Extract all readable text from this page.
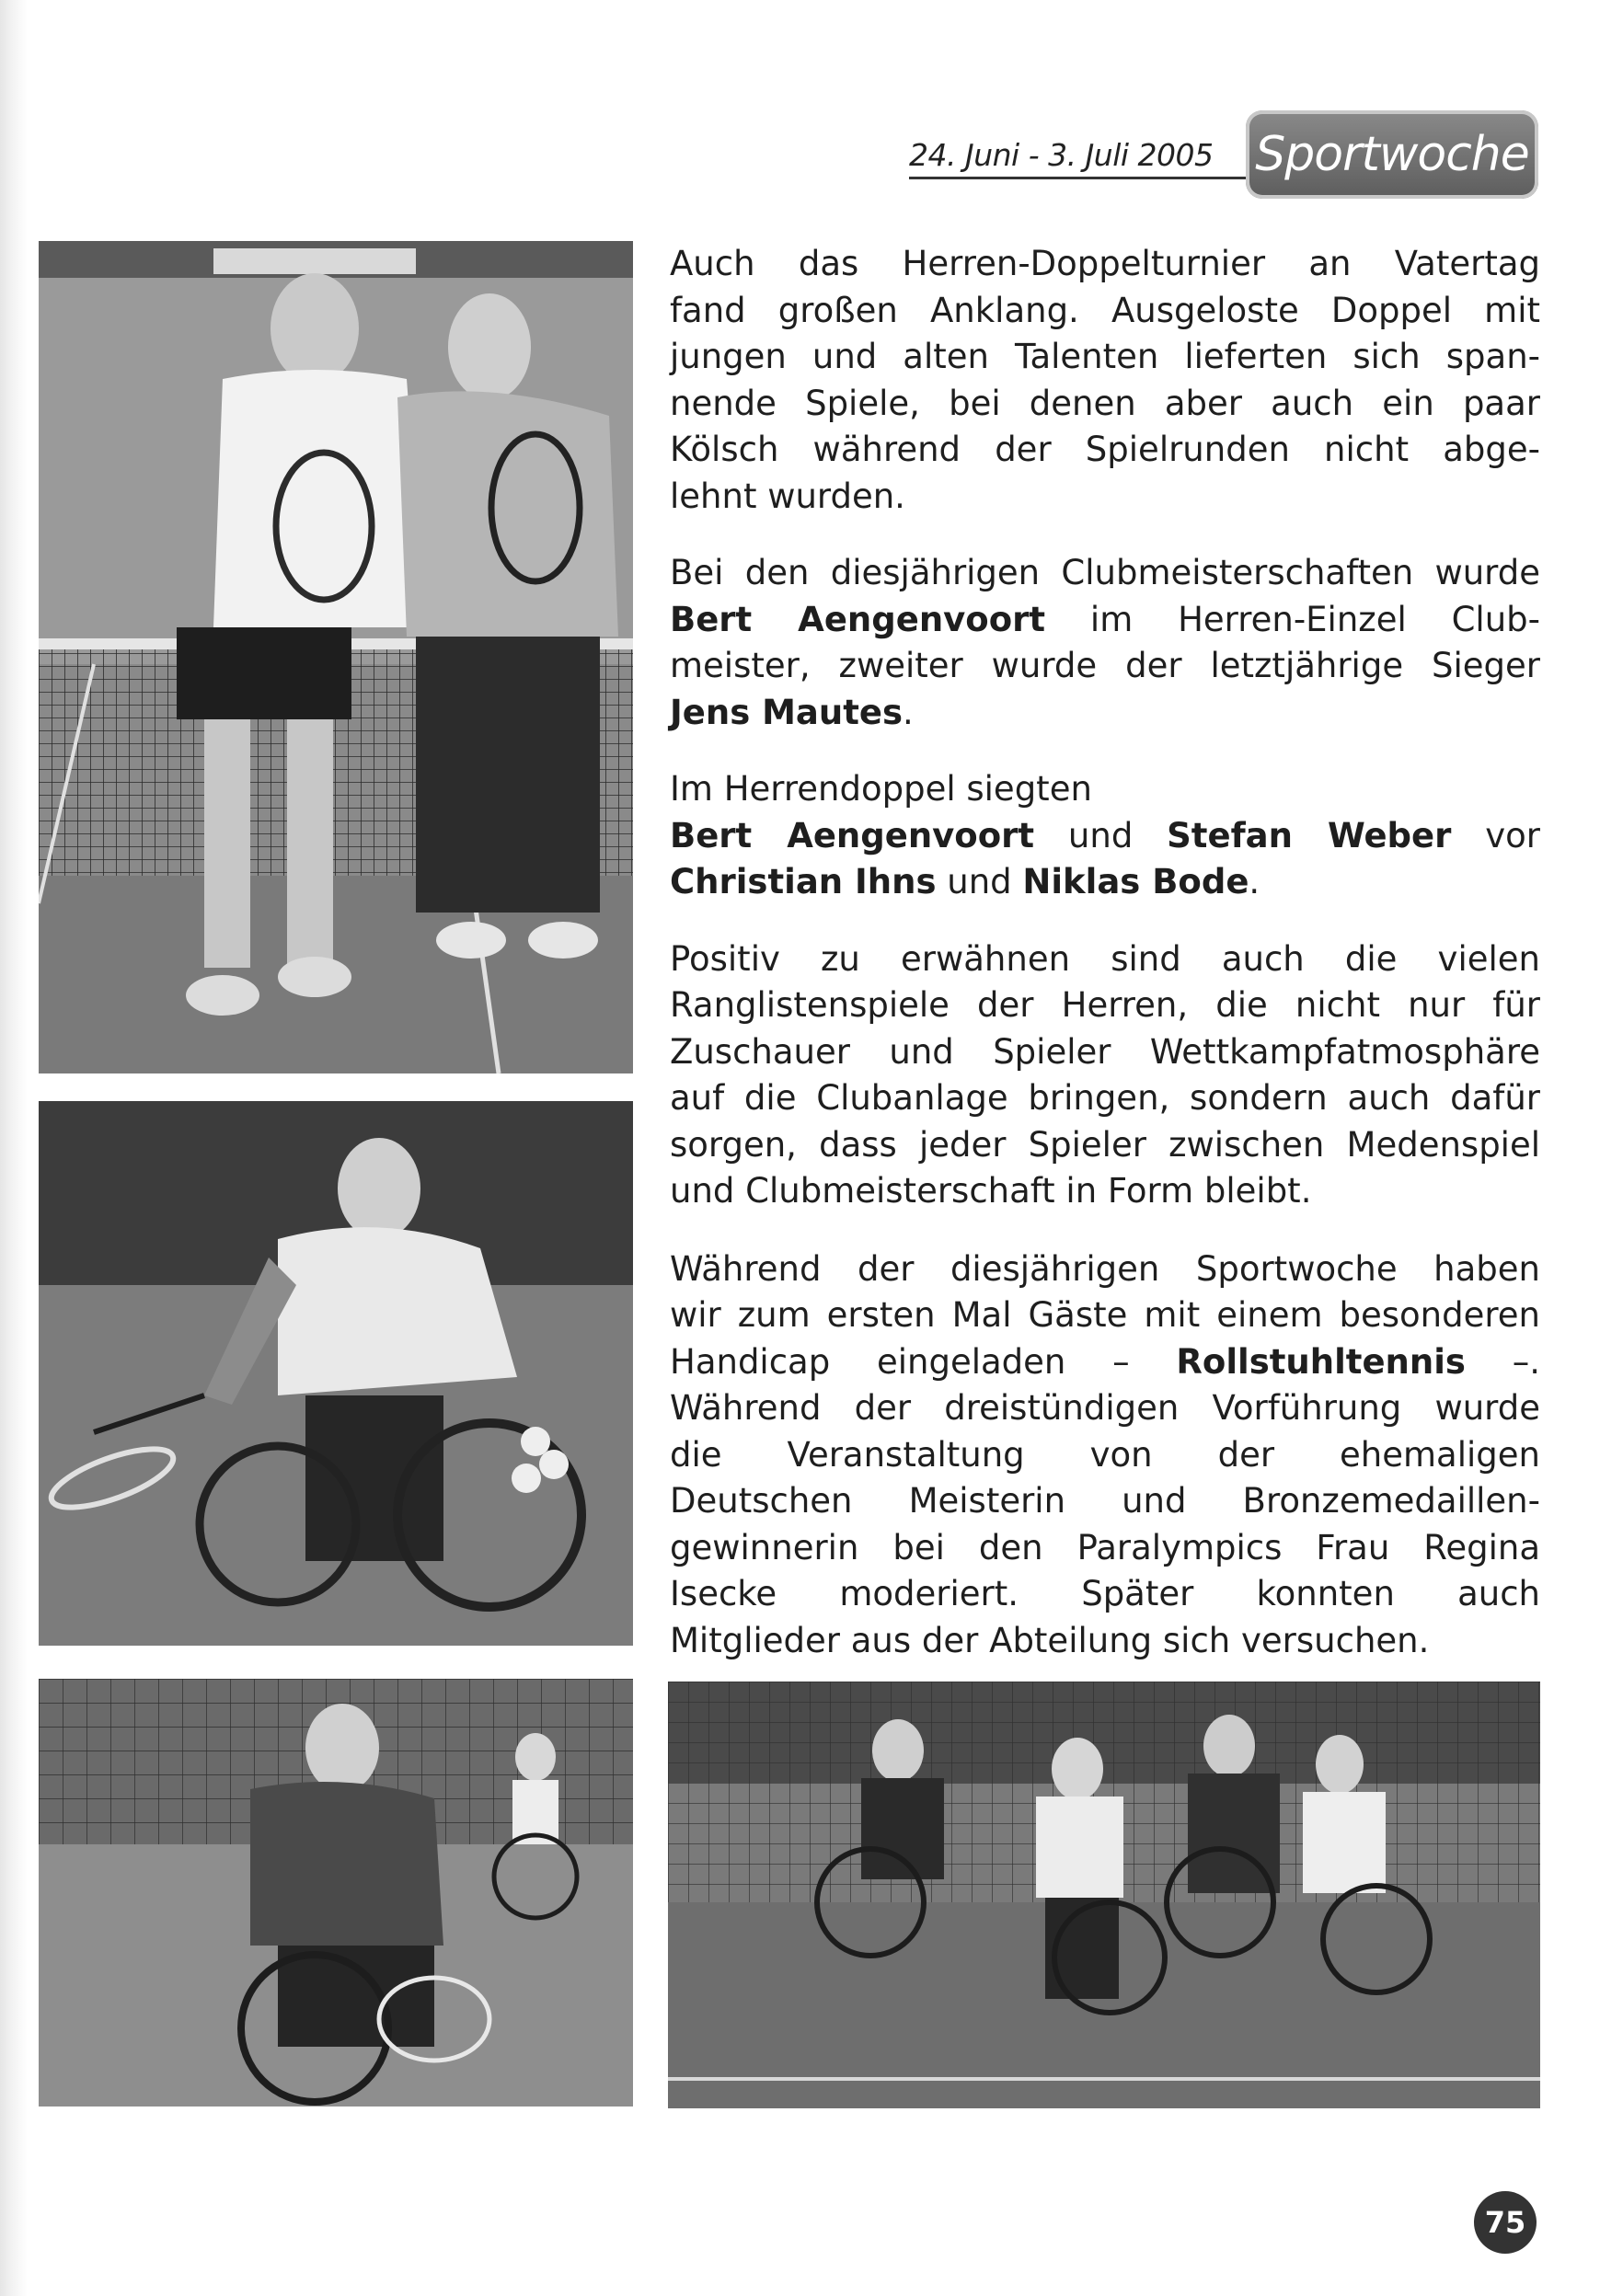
24. Juni - 3. Juli 2005 Sportwoche

Auch das Herren-Doppelturnier an Vatertag
fand großen Anklang. Ausgeloste Doppel mit
jungen und alten Talenten lieferten sich span-
nende Spiele, bei denen aber auch ein paar
Kölsch während der Spielrunden nicht abge-
lehnt wurden.

Bei den diesjährigen Clubmeisterschaften wurde
Bert Aengenvoort im Herren-Einzel Club-
meister, zweiter wurde der letztjährige Sieger
Jens Mautes.

Im Herrendoppel siegten
Bert Aengenvoort und Stefan Weber vor
Christian Ihns und Niklas Bode.

Positiv zu erwähnen sind auch die vielen
Ranglistenspiele der Herren, die nicht nur für
Zuschauer und Spieler Wettkampfatmosphäre
auf die Clubanlage bringen, sondern auch dafür
sorgen, dass jeder Spieler zwischen Medenspiel
und Clubmeisterschaft in Form bleibt.

Während der diesjährigen Sportwoche haben
wir zum ersten Mal Gäste mit einem besonderen
Handicap eingeladen – Rollstuhltennis –.
Während der dreistündigen Vorführung wurde
die Veranstaltung von der ehemaligen
Deutschen Meisterin und Bronzemedaillen-
gewinnerin bei den Paralympics Frau Regina
Isecke moderiert. Später konnten auch
Mitglieder aus der Abteilung sich versuchen.

75
